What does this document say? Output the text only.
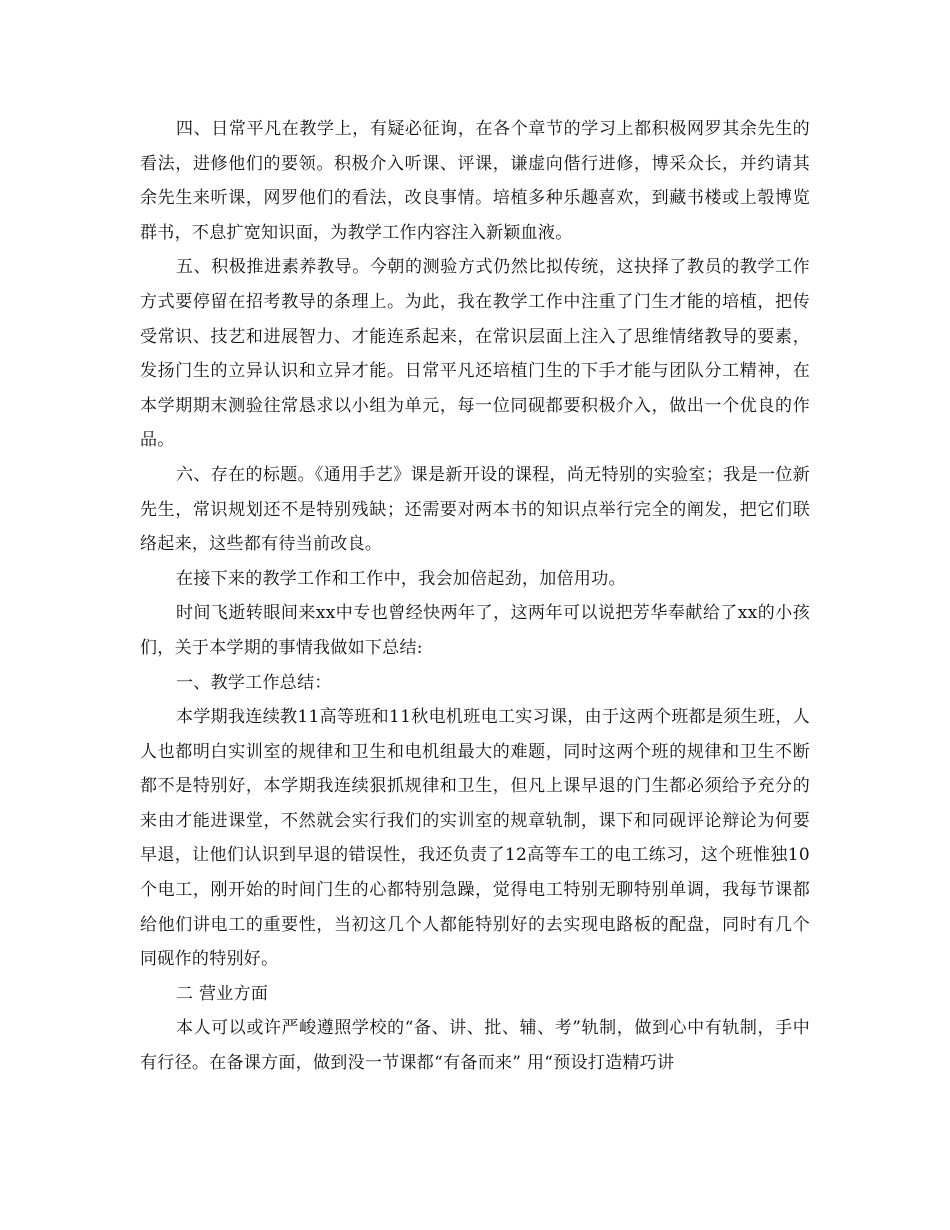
四、日常平凡在教学上，有疑必征询，在各个章节的学习上都积极网罗其余先生的看法，进修他们的要领。积极介入听课、评课，谦虚向偕行进修，博采众长，并约请其余先生来听课，网罗他们的看法，改良事情。培植多种乐趣喜欢，到藏书楼或上彀博览群书，不息扩宽知识面，为教学工作内容注入新颖血液。

五、积极推进素养教导。今朝的测验方式仍然比拟传统，这抉择了教员的教学工作方式要停留在招考教导的条理上。为此，我在教学工作中注重了门生才能的培植，把传受常识、技艺和进展智力、才能连系起来，在常识层面上注入了思维情绪教导的要素，发扬门生的立异认识和立异才能。日常平凡还培植门生的下手才能与团队分工精神，在本学期期末测验往常恳求以小组为单元，每一位同砚都要积极介入，做出一个优良的作品。

六、存在的标题。《通用手艺》课是新开设的课程，尚无特别的实验室；我是一位新先生，常识规划还不是特别残缺；还需要对两本书的知识点举行完全的阐发，把它们联络起来，这些都有待当前改良。

在接下来的教学工作和工作中，我会加倍起劲，加倍用功。

时间飞逝转眼间来xx中专也曾经快两年了，这两年可以说把芳华奉献给了xx的小孩们，关于本学期的事情我做如下总结:

一、教学工作总结：

本学期我连续教11高等班和11秋电机班电工实习课，由于这两个班都是须生班，人人也都明白实训室的规律和卫生和电机组最大的难题，同时这两个班的规律和卫生不断都不是特别好，本学期我连续狠抓规律和卫生，但凡上课早退的门生都必须给予充分的来由才能进课堂，不然就会实行我们的实训室的规章轨制，课下和同砚评论辩论为何要早退，让他们认识到早退的错误性，我还负责了12高等车工的电工练习，这个班惟独10个电工，刚开始的时间门生的心都特别急躁，觉得电工特别无聊特别单调，我每节课都给他们讲电工的重要性，当初这几个人都能特别好的去实现电路板的配盘，同时有几个同砚作的特别好。

二 营业方面

本人可以或许严峻遵照学校的“备、讲、批、辅、考”轨制，做到心中有轨制，手中有行径。在备课方面，做到没一节课都“有备而来” 用“预设打造精巧讲
